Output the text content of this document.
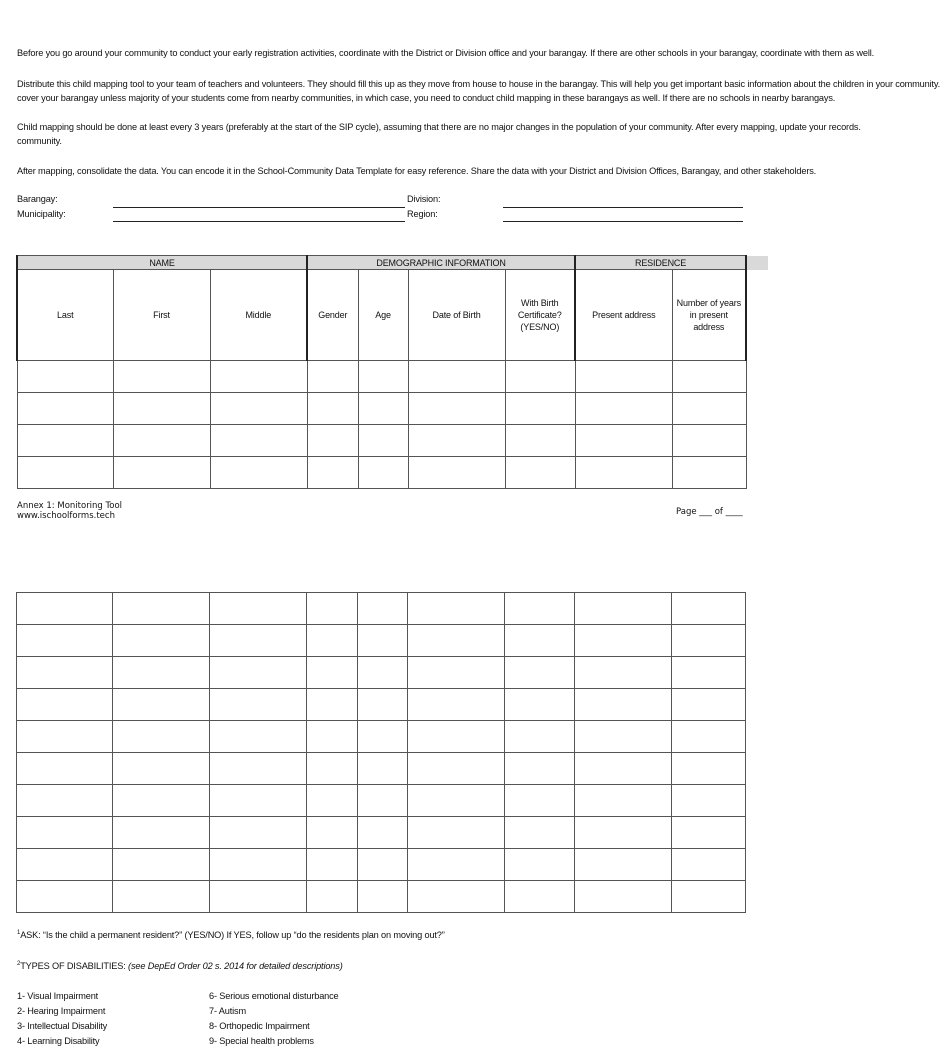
Before you go around your community to conduct your early registration activities, coordinate with the District or Division office and your barangay. If there are other schools in your barangay, coordinate with them as well.
Distribute this child mapping tool to your team of teachers and volunteers. They should fill this up as they move from house to house in the barangay. This will help you get important basic information about the children in your community.
cover your barangay unless majority of your students come from nearby communities, in which case, you need to conduct child mapping in these barangays as well. If there are no schools in nearby barangays.
Child mapping should be done at least every 3 years (preferably at the start of the SIP cycle), assuming that there are no major changes in the population of your community. After every mapping, update your records.
community.
After mapping, consolidate the data. You can encode it in the School-Community Data Template for easy reference. Share the data with your District and Division Offices, Barangay, and other stakeholders.
Barangay:
Municipality:
Division:
Region:
NAME			DEMOGRAPHIC INFORMATION				RESIDENCE	
Last	First	Middle	Gender	Age	Date of Birth	With Birth Certificate? (YES/NO)	Present address	Number of years in present address

Annex 1: Monitoring Tool
www.ischoolforms.tech	Page ___ of ____

$^1$ASK: “Is the child a permanent resident?” (YES/NO) If YES, follow up “do the residents plan on moving out?”
$^2$TYPES OF DISABILITIES: (see DepEd Order 02 s. 2014 for detailed descriptions)
1- Visual Impairment
2- Hearing Impairment
3- Intellectual Disability
4- Learning Disability
6- Serious emotional disturbance
7- Autism
8- Orthopedic Impairment
9- Special health problems
